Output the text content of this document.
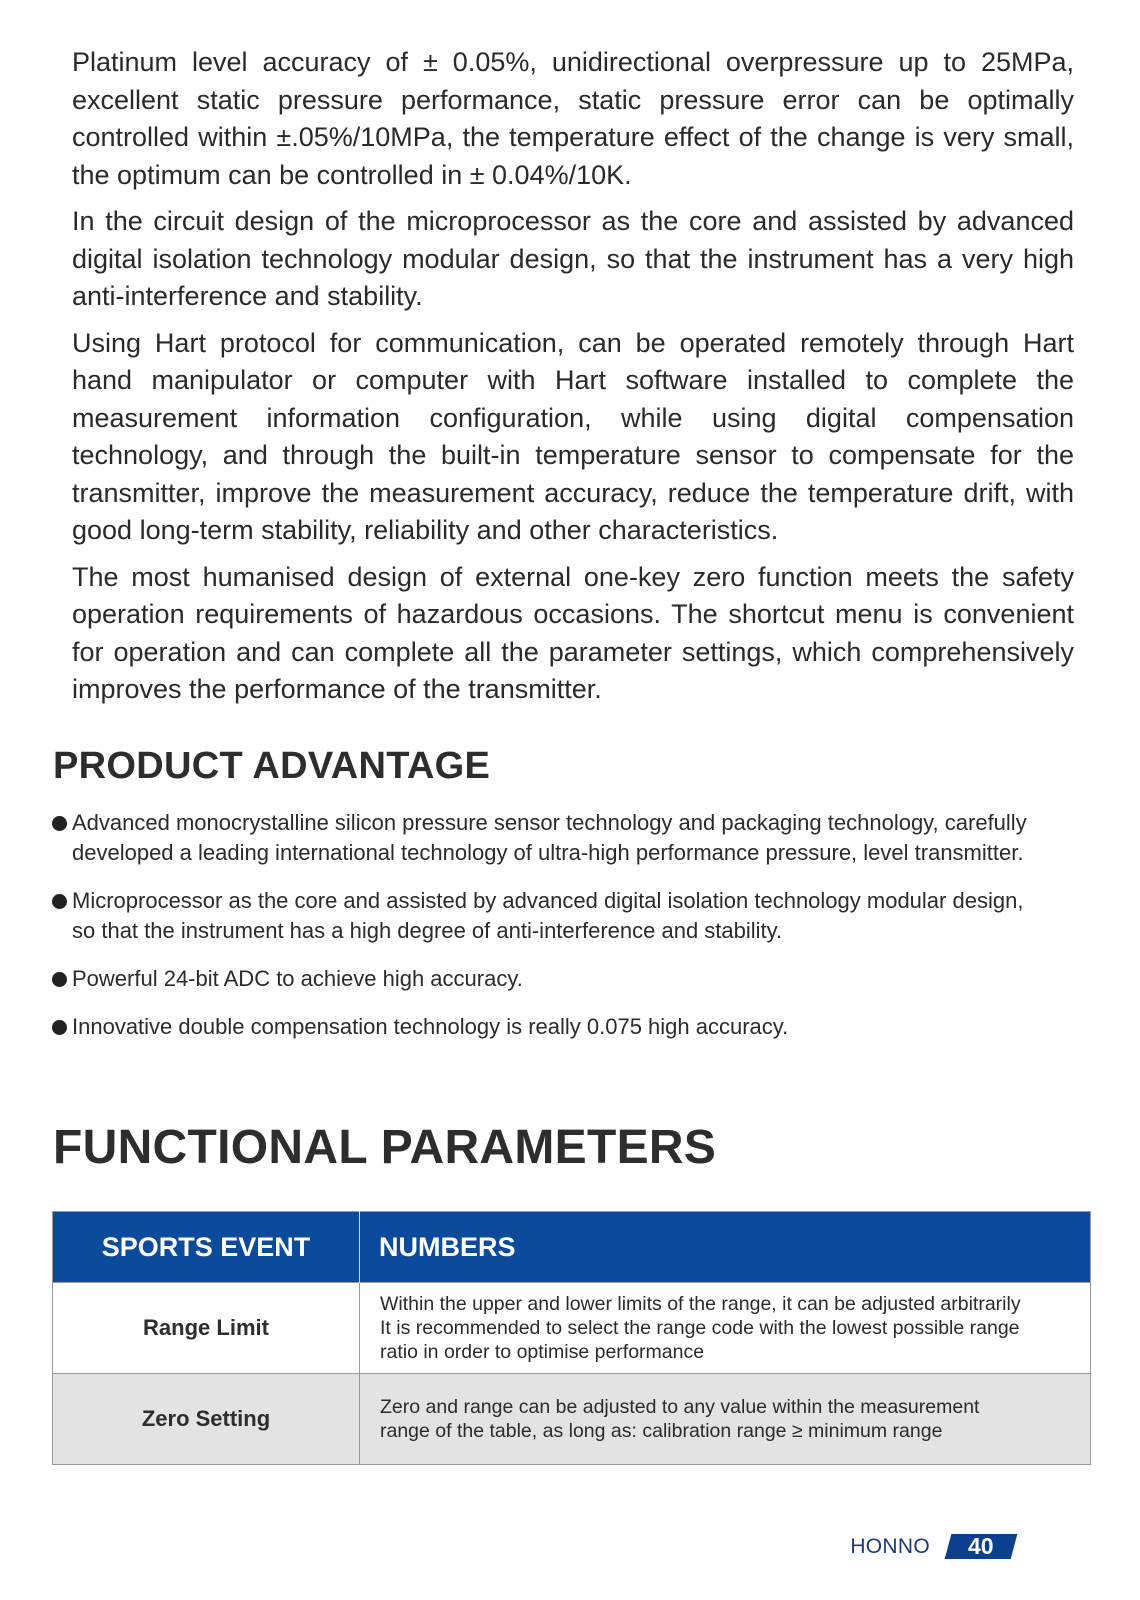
Platinum level accuracy of ± 0.05%, unidirectional overpressure up to 25MPa, excellent static pressure performance, static pressure error can be optimally controlled within ±.05%/10MPa, the temperature effect of the change is very small, the optimum can be controlled in ± 0.04%/10K.

In the circuit design of the microprocessor as the core and assisted by advanced digital isolation technology modular design, so that the instrument has a very high anti-interference and stability.

Using Hart protocol for communication, can be operated remotely through Hart hand manipulator or computer with Hart software installed to complete the measurement information configuration, while using digital compensation technology, and through the built-in temperature sensor to compensate for the transmitter, improve the measurement accuracy, reduce the temperature drift, with good long-term stability, reliability and other characteristics.

The most humanised design of external one-key zero function meets the safety operation requirements of hazardous occasions. The shortcut menu is convenient for operation and can complete all the parameter settings, which comprehensively improves the performance of the transmitter.

PRODUCT ADVANTAGE
Advanced monocrystalline silicon pressure sensor technology and packaging technology, carefully developed a leading international technology of ultra-high performance pressure, level transmitter.
Microprocessor as the core and assisted by advanced digital isolation technology modular design, so that the instrument has a high degree of anti-interference and stability.
Powerful 24-bit ADC to achieve high accuracy.
Innovative double compensation technology is really 0.075 high accuracy.
FUNCTIONAL PARAMETERS
SPORTS EVENT	NUMBERS
Range Limit	Within the upper and lower limits of the range, it can be adjusted arbitrarily
It is recommended to select the range code with the lowest possible range
ratio in order to optimise performance

Zero Setting	Zero and range can be adjusted to any value within the measurement
range of the table, as long as: calibration range ≥ minimum range
HONNO	40
